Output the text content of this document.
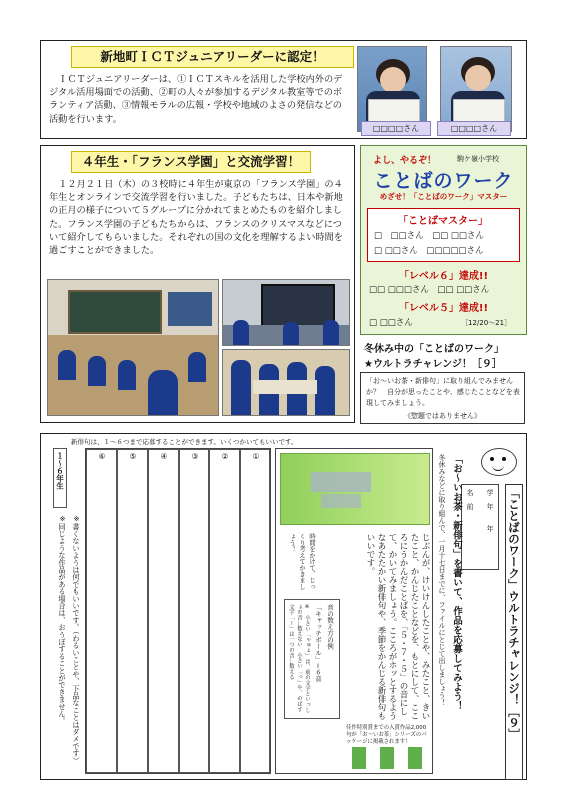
新地町ＩＣＴジュニアリーダーに認定！
ＩＣＴジュニアリーダーは、①ＩＣＴスキルを活用した学校内外のデジタル活用場面での活動、②町の人々が参加するデジタル教室等でのボランティア活動、③情報モラルの広報・学校や地域のよさの発信などの活動を行います。
□□□□さん	□□□□さん
４年生・「フランス学園」と交流学習！
１２月２１日（木）の３校時に４年生が東京の「フランス学園」の４年生とオンラインで交流学習を行いました。子どもたちは、日本や新地の正月の様子について５グループに分かれてまとめたものを紹介しました。フランス学園の子どもたちからは、フランスのクリスマスなどについて紹介してもらいました。それぞれの国の文化を理解するよい時間を過ごすことができました。
よし、やるぞ！	駒ケ嶺小学校
ことばのワーク
めざせ！「ことばのワーク」マスター
「ことばマスター」
□　□□さん　□□ □□さん
□ □□さん　□□□□□さん
「レベル６」達成!!
□□ □□□さん　□□ □□さん
「レベル５」達成!!
□ □□さん	［12/20～21］
冬休み中の「ことばのワーク」
★ウルトラチャレンジ！［９］
「お～いお茶・新俳句」に取り組んでみませんか？　自分が思ったことや、感じたことなどを表現してみましょう。
《惣題ではありません》
新俳句は、１～６つまで応募することができます。いくつかいてもいいです。
１～６年生
※書くないようは何でもいいです。（わるいことや、下品なことはダメです）
※同じような作品がある場合は、おうぼすることができません。
⑥	⑤	④	③	②	①
時間をかけて、じっくり考えてかきましょう！
音の数え方の例
「キャッチボール」＝６音
※　小さい「ゃゅょ」は、前の文字といっしょの音…数えない　小さい「っ」や、のばす文字「ー」は一つの音…数える	じぶんが、けいけんしたことや、みたこと、きいたこと、かんじたことなどを、もとにして、こころにうかんだことばを、「５・７・５」の音にして、かいてみましょう。こころがホッとするようなあたたかい新俳句や、季節をかんじる新俳句もいいです。
佳作特別賞までの入賞作品2,000句が「お～いお茶」シリーズのパッケージに掲載されます！
「ことばのワーク」ウルトラチャレンジ！［９］
学　年
年
名　前
「お～いお茶・新俳句」を書いて、作品を応募してみよう！
冬休みなどに取り組んで、一月十七日までに、ファイルにとじて出しましょう！
